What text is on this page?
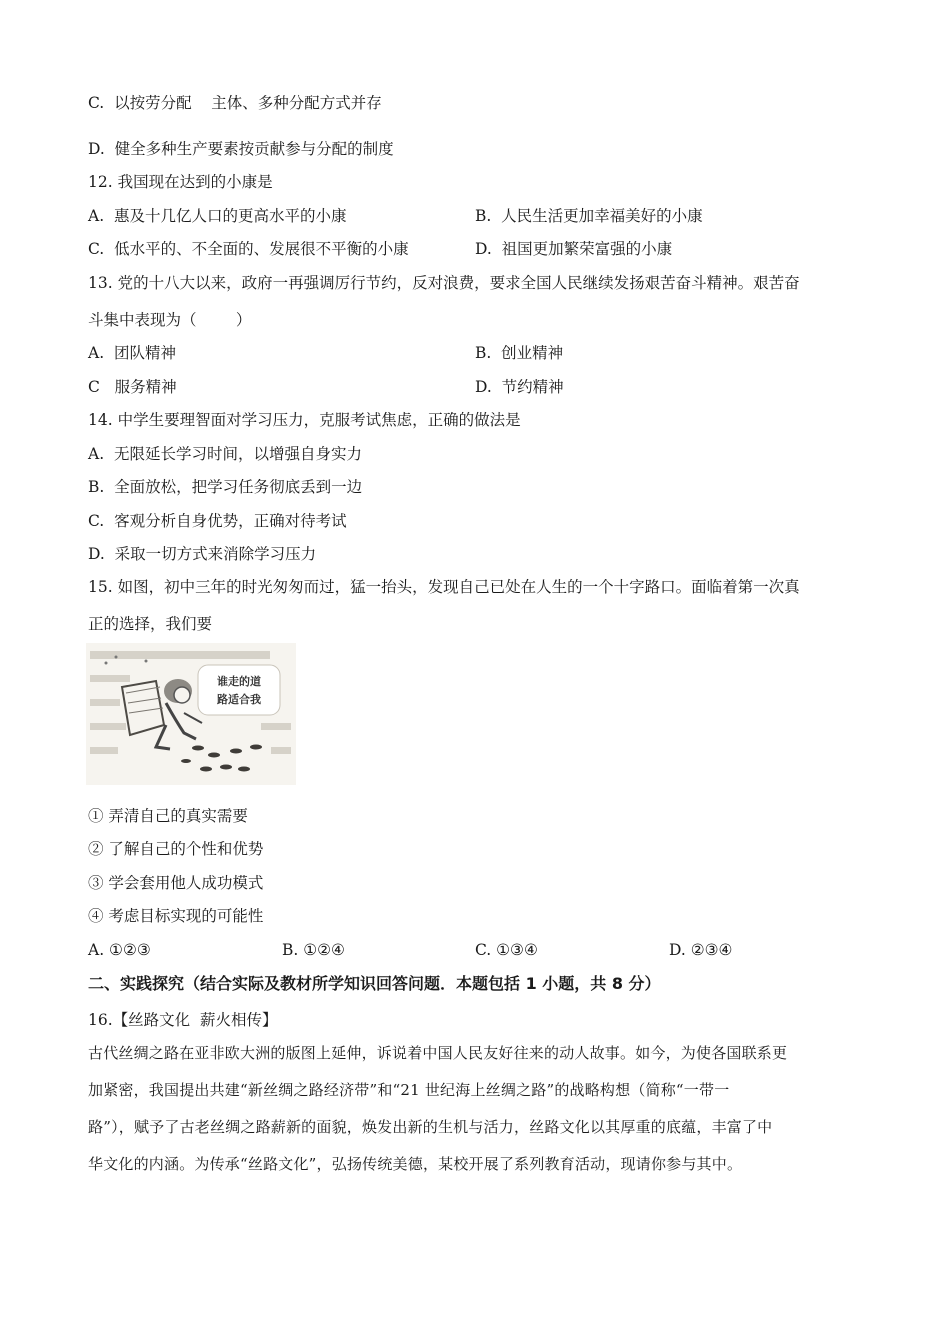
C.  以按劳分配    主体、多种分配方式并存
D.  健全多种生产要素按贡献参与分配的制度
12. 我国现在达到的小康是
A.  惠及十几亿人口的更高水平的小康	B.  人民生活更加幸福美好的小康
C.  低水平的、不全面的、发展很不平衡的小康	D.  祖国更加繁荣富强的小康
13. 党的十八大以来，政府一再强调厉行节约，反对浪费，要求全国人民继续发扬艰苦奋斗精神。艰苦奋
斗集中表现为（        ）
A.  团队精神	B.  创业精神
C   服务精神	D.  节约精神
14. 中学生要理智面对学习压力，克服考试焦虑，正确的做法是
A.  无限延长学习时间，以增强自身实力
B.  全面放松，把学习任务彻底丢到一边
C.  客观分析自身优势，正确对待考试
D.  采取一切方式来消除学习压力
15. 如图，初中三年的时光匆匆而过，猛一抬头，发现自己已处在人生的一个十字路口。面临着第一次真
正的选择，我们要
谁走的道
路适合我
① 弄清自己的真实需要
② 了解自己的个性和优势
③ 学会套用他人成功模式
④ 考虑目标实现的可能性
A. ①②③	B. ①②④	C. ①③④	D. ②③④
二、实践探究（结合实际及教材所学知识回答问题．本题包括 1 小题，共 8 分）
16.【丝路文化  薪火相传】
古代丝绸之路在亚非欧大洲的版图上延伸，诉说着中国人民友好往来的动人故事。如今，为使各国联系更
加紧密，我国提出共建“新丝绸之路经济带”和“21 世纪海上丝绸之路”的战略构想（简称“一带一
路”），赋予了古老丝绸之路薪新的面貌，焕发出新的生机与活力，丝路文化以其厚重的底蕴，丰富了中
华文化的内涵。为传承“丝路文化”，弘扬传统美德，某校开展了系列教育活动，现请你参与其中。
